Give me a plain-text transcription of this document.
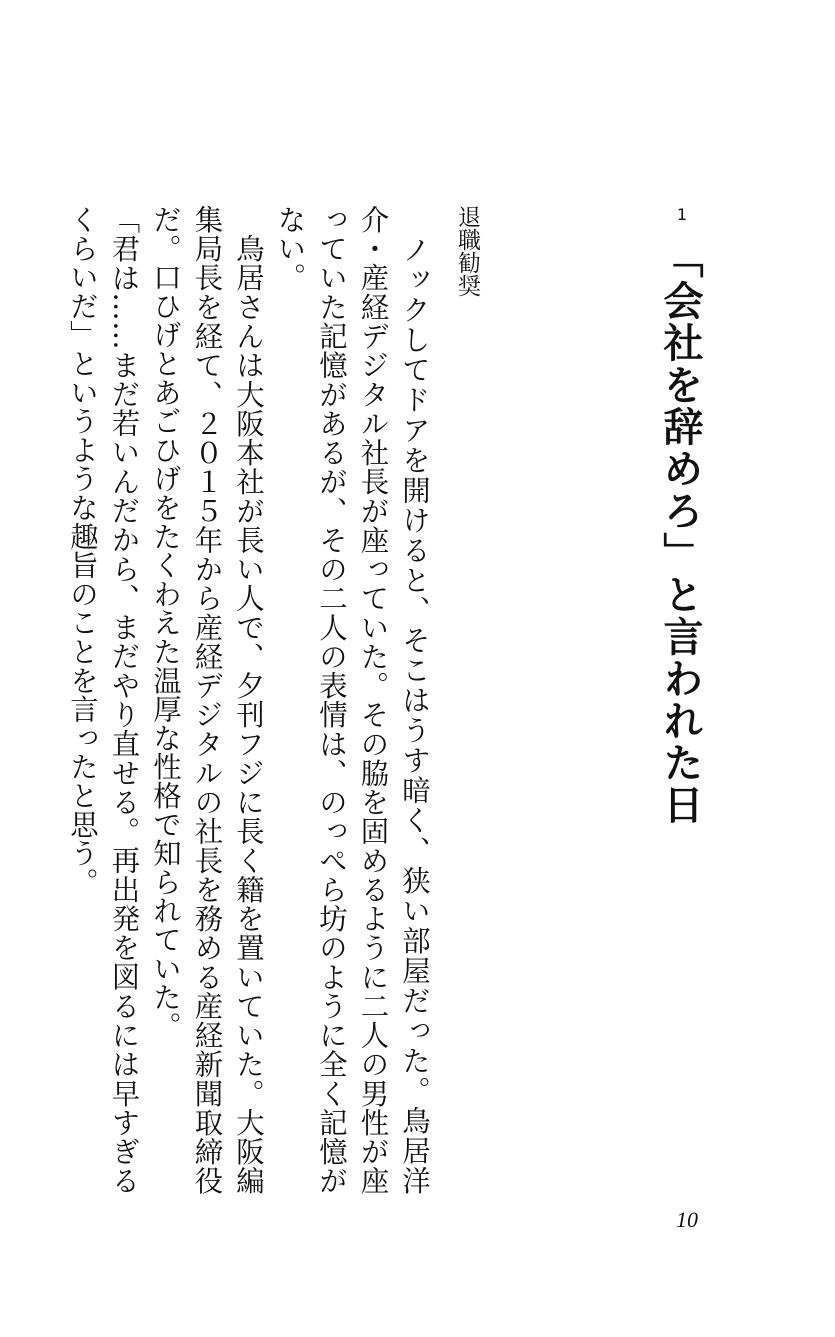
1
「会社を辞めろ」と言われた日
退職勧奨

　ノックしてドアを開けると、そこはうす暗く、狭い部屋だった。鳥居洋介・産経デジタル社長が座っていた。その脇を固めるように二人の男性が座っていた記憶があるが、その二人の表情は、のっぺら坊のように全く記憶がない。

　鳥居さんは大阪本社が長い人で、夕刊フジに長く籍を置いていた。大阪編集局長を経て、２０１５年から産経デジタルの社長を務める産経新聞取締役だ。口ひげとあごひげをたくわえた温厚な性格で知られていた。

「君は……まだ若いんだから、まだやり直せる。再出発を図るには早すぎるくらいだ」というような趣旨のことを言ったと思う。

10
